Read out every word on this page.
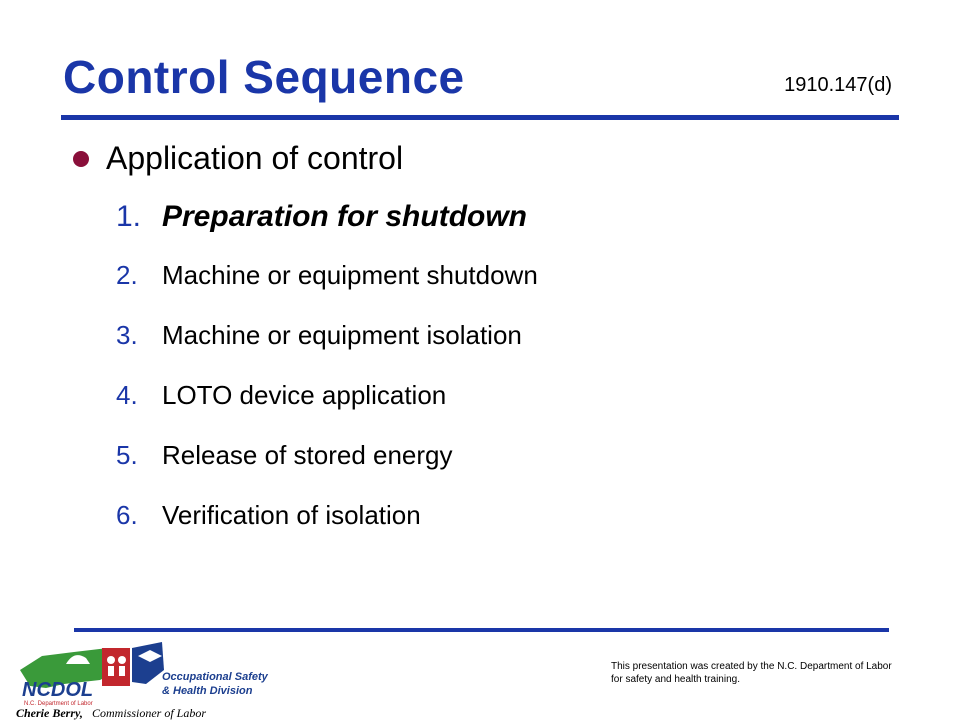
Control Sequence	1910.147(d)
Application of control
1. Preparation for shutdown
2. Machine or equipment shutdown
3. Machine or equipment isolation
4. LOTO device application
5. Release of stored energy
6. Verification of isolation
NCDOL
N.C. Department of Labor
Occupational Safety
& Health Division
Cherie Berry, Commissioner of Labor
This presentation was created by the N.C. Department of Labor for safety and health training.
